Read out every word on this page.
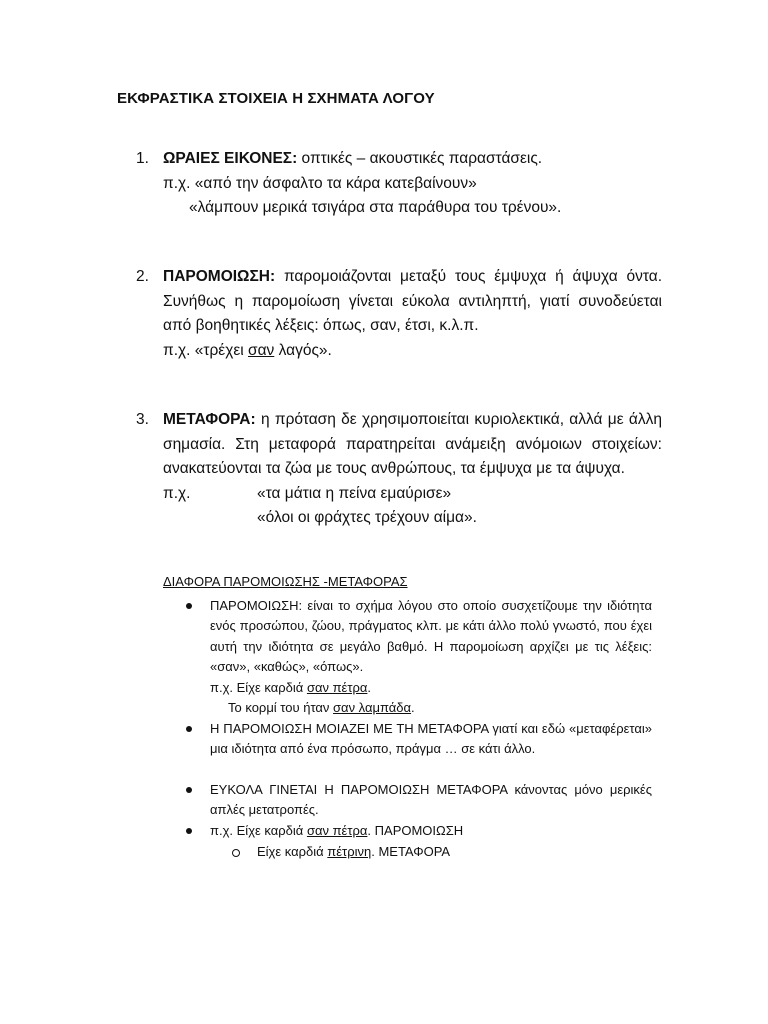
ΕΚΦΡΑΣΤΙΚΑ ΣΤΟΙΧΕΙΑ Η ΣΧΗΜΑΤΑ ΛΟΓΟΥ
1. ΩΡΑΙΕΣ ΕΙΚΟΝΕΣ: οπτικές – ακουστικές παραστάσεις.
π.χ. «από την άσφαλτο τα κάρα κατεβαίνουν»
«λάμπουν μερικά τσιγάρα στα παράθυρα του τρένου».
2. ΠΑΡΟΜΟΙΩΣΗ: παρομοιάζονται μεταξύ τους έμψυχα ή άψυχα όντα. Συνήθως η παρομοίωση γίνεται εύκολα αντιληπτή, γιατί συνοδεύεται από βοηθητικές λέξεις: όπως, σαν, έτσι, κ.λ.π.
π.χ. «τρέχει σαν λαγός».
3. ΜΕΤΑΦΟΡΑ: η πρόταση δε χρησιμοποιείται κυριολεκτικά, αλλά με άλλη σημασία. Στη μεταφορά παρατηρείται ανάμειξη ανόμοιων στοιχείων: ανακατεύονται τα ζώα με τους ανθρώπους, τα έμψυχα με τα άψυχα.
π.χ.	«τα μάτια η πείνα εμαύρισε»
«όλοι οι φράχτες τρέχουν αίμα».
ΔΙΑΦΟΡΑ ΠΑΡΟΜΟΙΩΣΗΣ -ΜΕΤΑΦΟΡΑΣ
ΠΑΡΟΜΟΙΩΣΗ: είναι το σχήμα λόγου στο οποίο συσχετίζουμε την ιδιότητα ενός προσώπου, ζώου, πράγματος κλπ. με κάτι άλλο πολύ γνωστό, που έχει αυτή την ιδιότητα σε μεγάλο βαθμό. Η παρομοίωση αρχίζει με τις λέξεις: «σαν», «καθώς», «όπως».
π.χ. Είχε καρδιά σαν πέτρα.
Το κορμί του ήταν σαν λαμπάδα.
Η ΠΑΡΟΜΟΙΩΣΗ ΜΟΙΑΖΕΙ ΜΕ ΤΗ ΜΕΤΑΦΟΡΑ γιατί και εδώ «μεταφέρεται» μια ιδιότητα από ένα πρόσωπο, πράγμα … σε κάτι άλλο.
ΕΥΚΟΛΑ ΓΙΝΕΤΑΙ Η ΠΑΡΟΜΟΙΩΣΗ ΜΕΤΑΦΟΡΑ κάνοντας μόνο μερικές απλές μετατροπές.
π.χ. Είχε καρδιά σαν πέτρα. ΠΑΡΟΜΟΙΩΣΗ
Είχε καρδιά πέτρινη. ΜΕΤΑΦΟΡΑ
